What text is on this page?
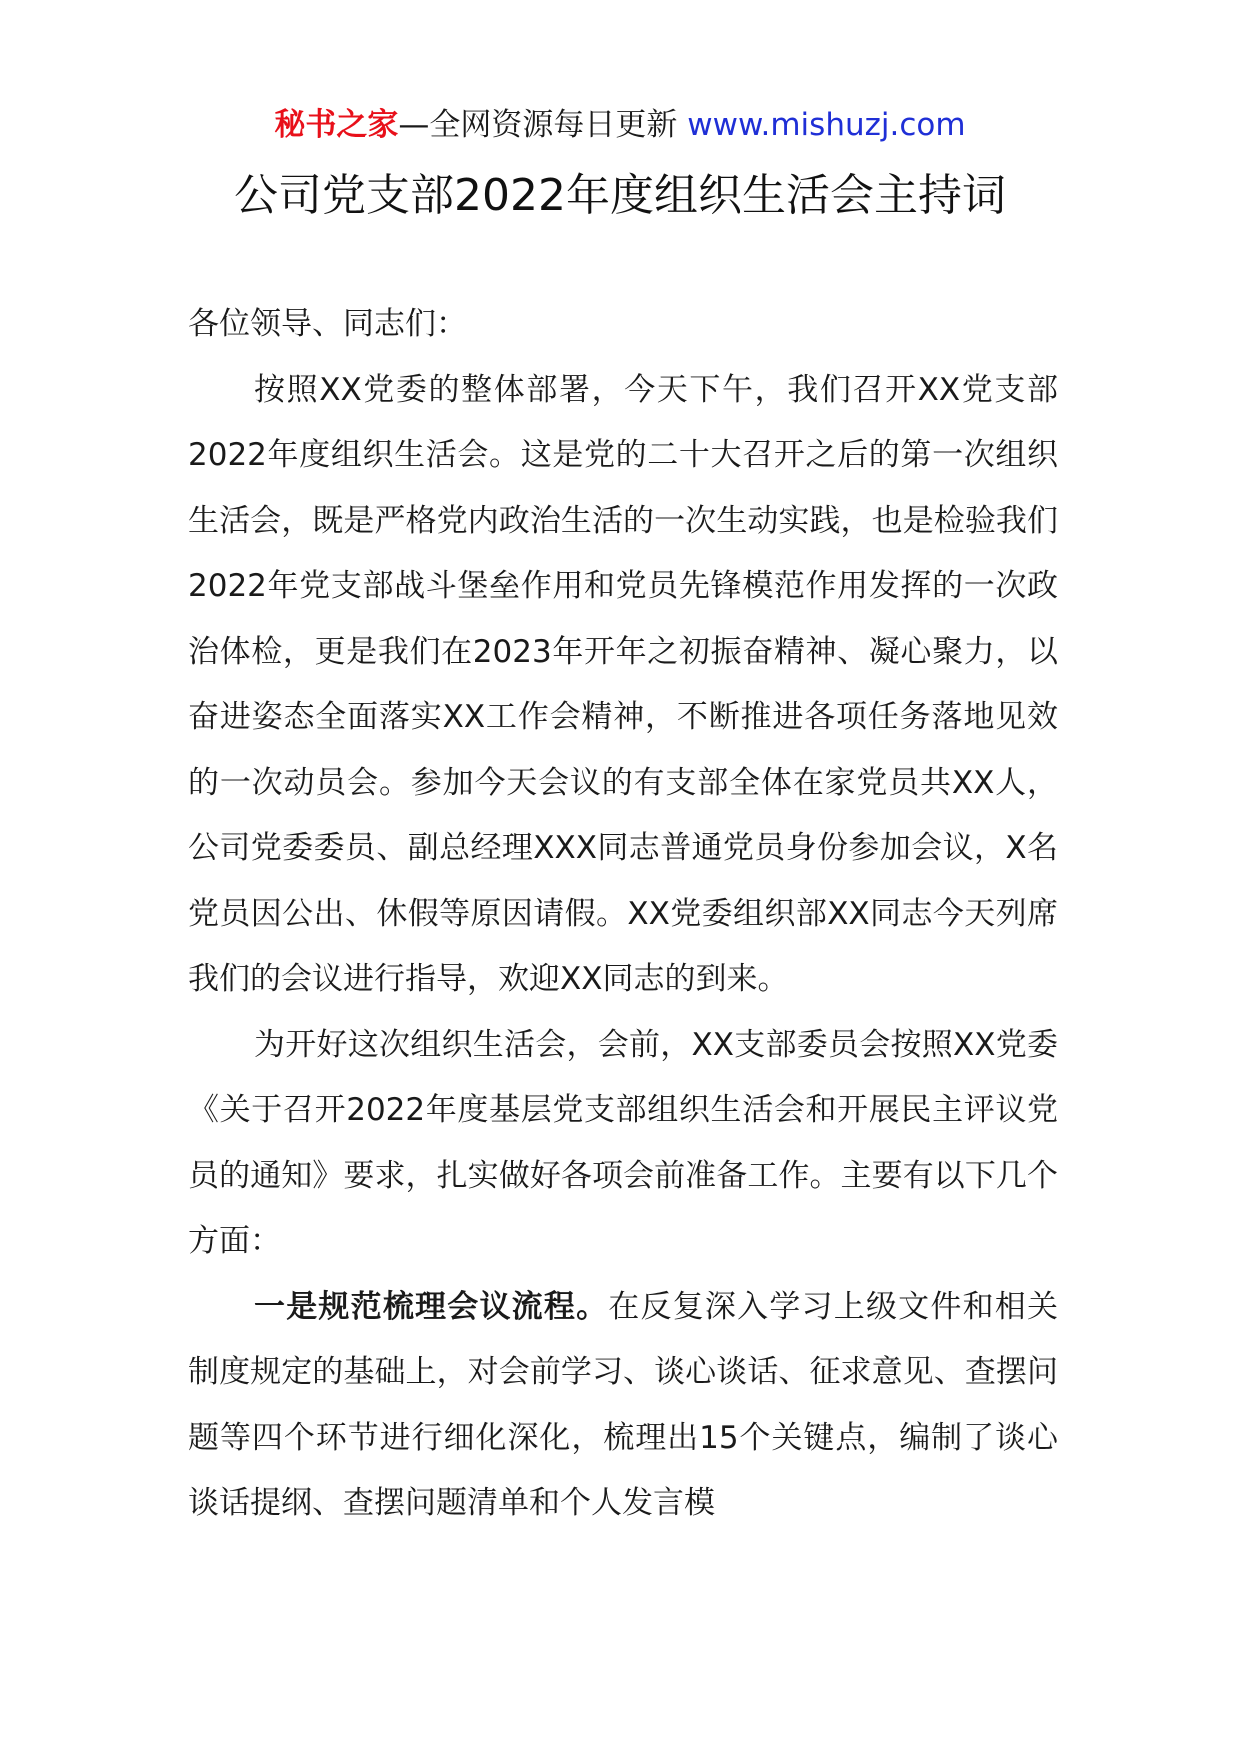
秘书之家—全网资源每日更新 www.mishuzj.com
公司党支部2022年度组织生活会主持词

各位领导、同志们：

按照XX党委的整体部署，今天下午，我们召开XX党支部2022年度组织生活会。这是党的二十大召开之后的第一次组织生活会，既是严格党内政治生活的一次生动实践，也是检验我们2022年党支部战斗堡垒作用和党员先锋模范作用发挥的一次政治体检，更是我们在2023年开年之初振奋精神、凝心聚力，以奋进姿态全面落实XX工作会精神，不断推进各项任务落地见效的一次动员会。参加今天会议的有支部全体在家党员共XX人，公司党委委员、副总经理XXX同志普通党员身份参加会议，X名党员因公出、休假等原因请假。XX党委组织部XX同志今天列席我们的会议进行指导，欢迎XX同志的到来。

为开好这次组织生活会，会前，XX支部委员会按照XX党委《关于召开2022年度基层党支部组织生活会和开展民主评议党员的通知》要求，扎实做好各项会前准备工作。主要有以下几个方面：

一是规范梳理会议流程。在反复深入学习上级文件和相关制度规定的基础上，对会前学习、谈心谈话、征求意见、查摆问题等四个环节进行细化深化，梳理出15个关键点，编制了谈心谈话提纲、查摆问题清单和个人发言模
